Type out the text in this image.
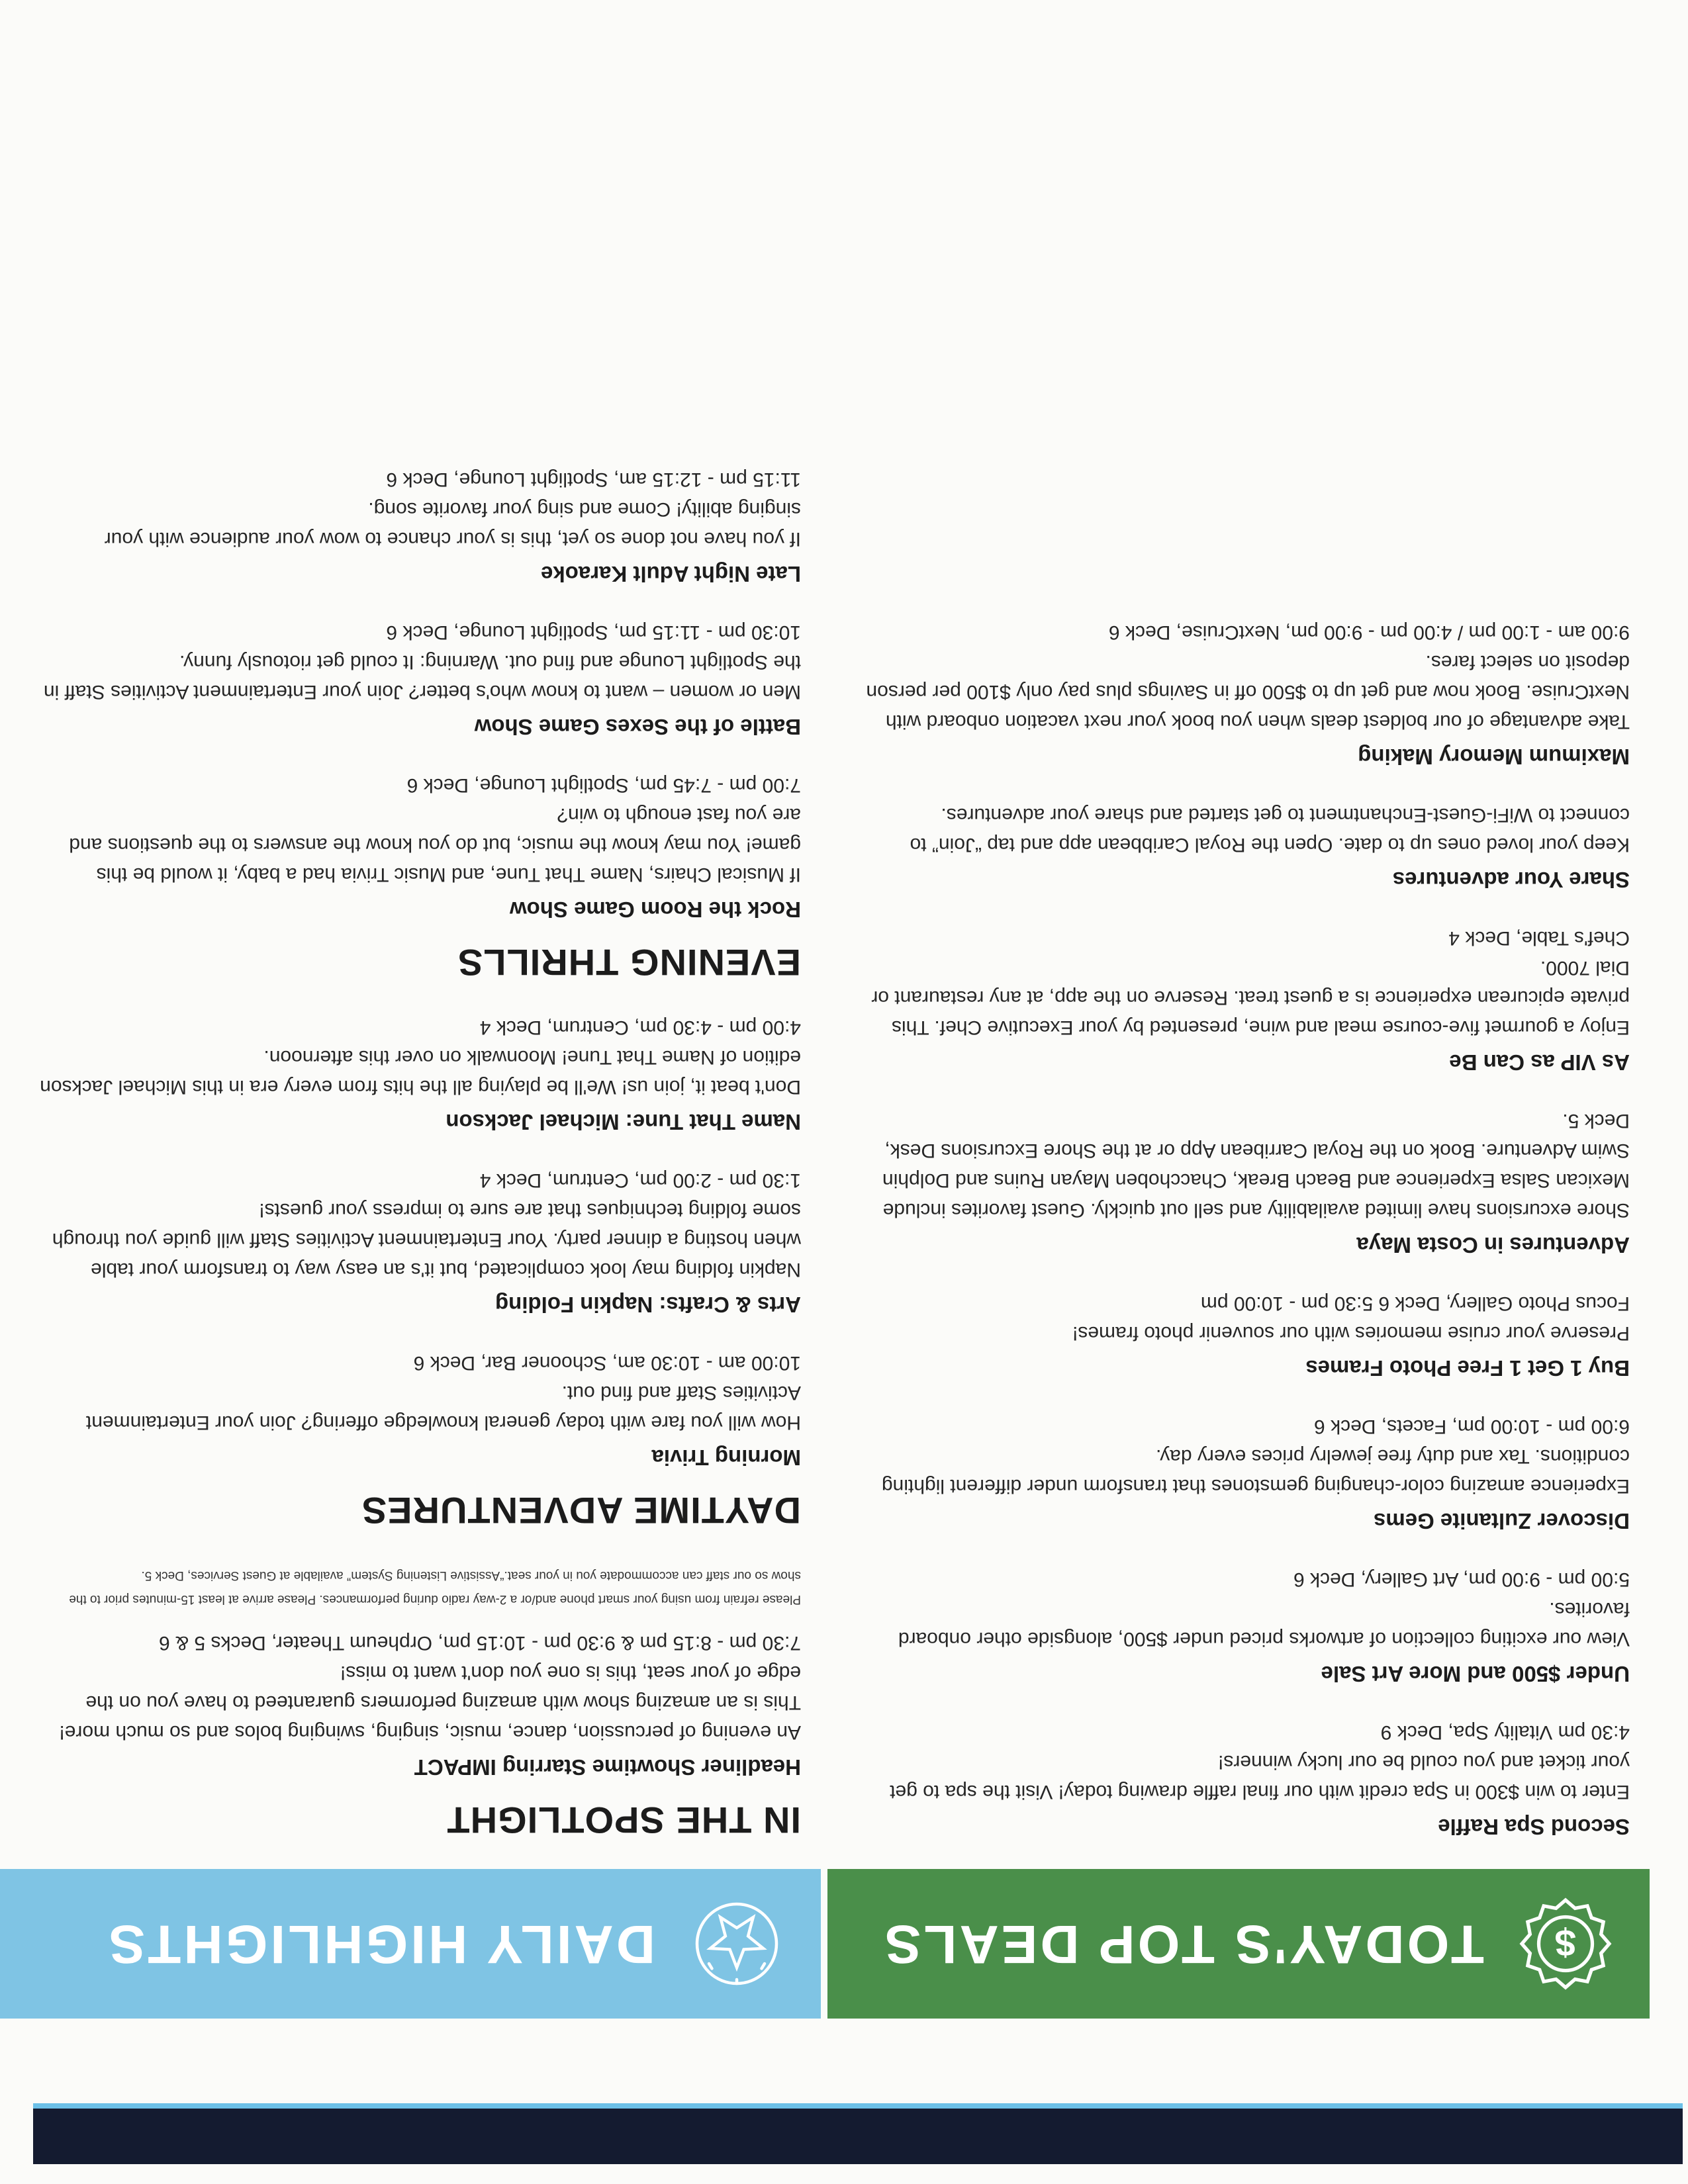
$
TODAY'S TOP DEALS

Second Spa Raffle

Enter to win $300 in Spa credit with our final raffle drawing today! Visit the spa to get your ticket and you could be our lucky winners!

4:30 pm Vitality Spa, Deck 9

Under $500 and More Art Sale

View our exciting collection of artworks priced under $500, alongside other onboard favorites.

5:00 pm - 9:00 pm, Art Gallery, Deck 6

Discover Zultanite Gems

Experience amazing color-changing gemstones that transform under different lighting conditions. Tax and duty free jewelry prices every day.

6:00 pm - 10:00 pm, Facets, Deck 6

Buy 1 Get 1 Free Photo Frames

Preserve your cruise memories with our souvenir photo frames!

Focus Photo Gallery, Deck 6 5:30 pm - 10:00 pm

Adventures in Costa Maya

Shore excursions have limited availability and sell out quickly. Guest favorites include Mexican Salsa Experience and Beach Break, Chacchoben Mayan Ruins and Dolphin Swim Adventure. Book on the Royal Carribean App or at the Shore Excursions Desk, Deck 5.

As VIP as Can Be

Enjoy a gourmet five-course meal and wine, presented by your Executive Chef. This private epicurean experience is a guest treat. Reserve on the app, at any restaurant or Dial 7000.

Chef's Table, Deck 4

Share Your adventures

Keep your loved ones up to date. Open the Royal Caribbean app and tap “Join” to connect to WiFi-Guest-Enchantment to get started and share your adventures.

Maximum Memory Making

Take advantage of our boldest deals when you book your next vacation onboard with NextCruise. Book now and get up to $500 off in Savings plus pay only $100 per person deposit on select fares.

9:00 am - 1:00 pm / 4:00 pm - 9:00 pm, NextCruise, Deck 6

DAILY HIGHLIGHTS

IN THE SPOTLIGHT

Headliner Showtime Starring IMPACT

An evening of percussion, dance, music, singing, swinging bolos and so much more! This is an amazing show with amazing performers guaranteed to have you on the edge of your seat, this is one you don't want to miss!

7:30 pm - 8:15 pm & 9:30 pm - 10:15 pm, Orpheum Theater, Decks 5 & 6

Please refrain from using your smart phone and/or a 2-way radio during performances. Please arrive at least 15-minutes prior to the show so our staff can accommodate you in your seat.“Assistive Listening System” available at Guest Services, Deck 5.

DAYTIME ADVENTURES

Morning Trivia

How will you fare with today general knowledge offering? Join your Entertainment Activities Staff and find out.

10:00 am - 10:30 am, Schooner Bar, Deck 6

Arts & Crafts: Napkin Folding

Napkin folding may look complicated, but it's an easy way to transform your table when hosting a dinner party. Your Entertainment Activities Staff will guide you through some folding techniques that are sure to impress your guests!

1:30 pm - 2:00 pm, Centrum, Deck 4

Name That Tune: Michael Jackson

Don't beat it, join us! We'll be playing all the hits from every era in this Michael Jackson edition of Name That Tune! Moonwalk on over this afternoon.

4:00 pm - 4:30 pm, Centrum, Deck 4

EVENING THRILLS

Rock the Room Game Show

If Musical Chairs, Name That Tune, and Music Trivia had a baby, it would be this game! You may know the music, but do you know the answers to the questions and are you fast enough to win?

7:00 pm - 7:45 pm, Spotlight Lounge, Deck 6

Battle of the Sexes Game Show

Men or women – want to know who's better? Join your Entertainment Activities Staff in the Spotlight Lounge and find out. Warning: It could get riotously funny.

10:30 pm - 11:15 pm, Spotlight Lounge, Deck 6

Late Night Adult Karaoke

If you have not done so yet, this is your chance to wow your audience with your singing ability! Come and sing your favorite song.

11:15 pm - 12:15 am, Spotlight Lounge, Deck 6
